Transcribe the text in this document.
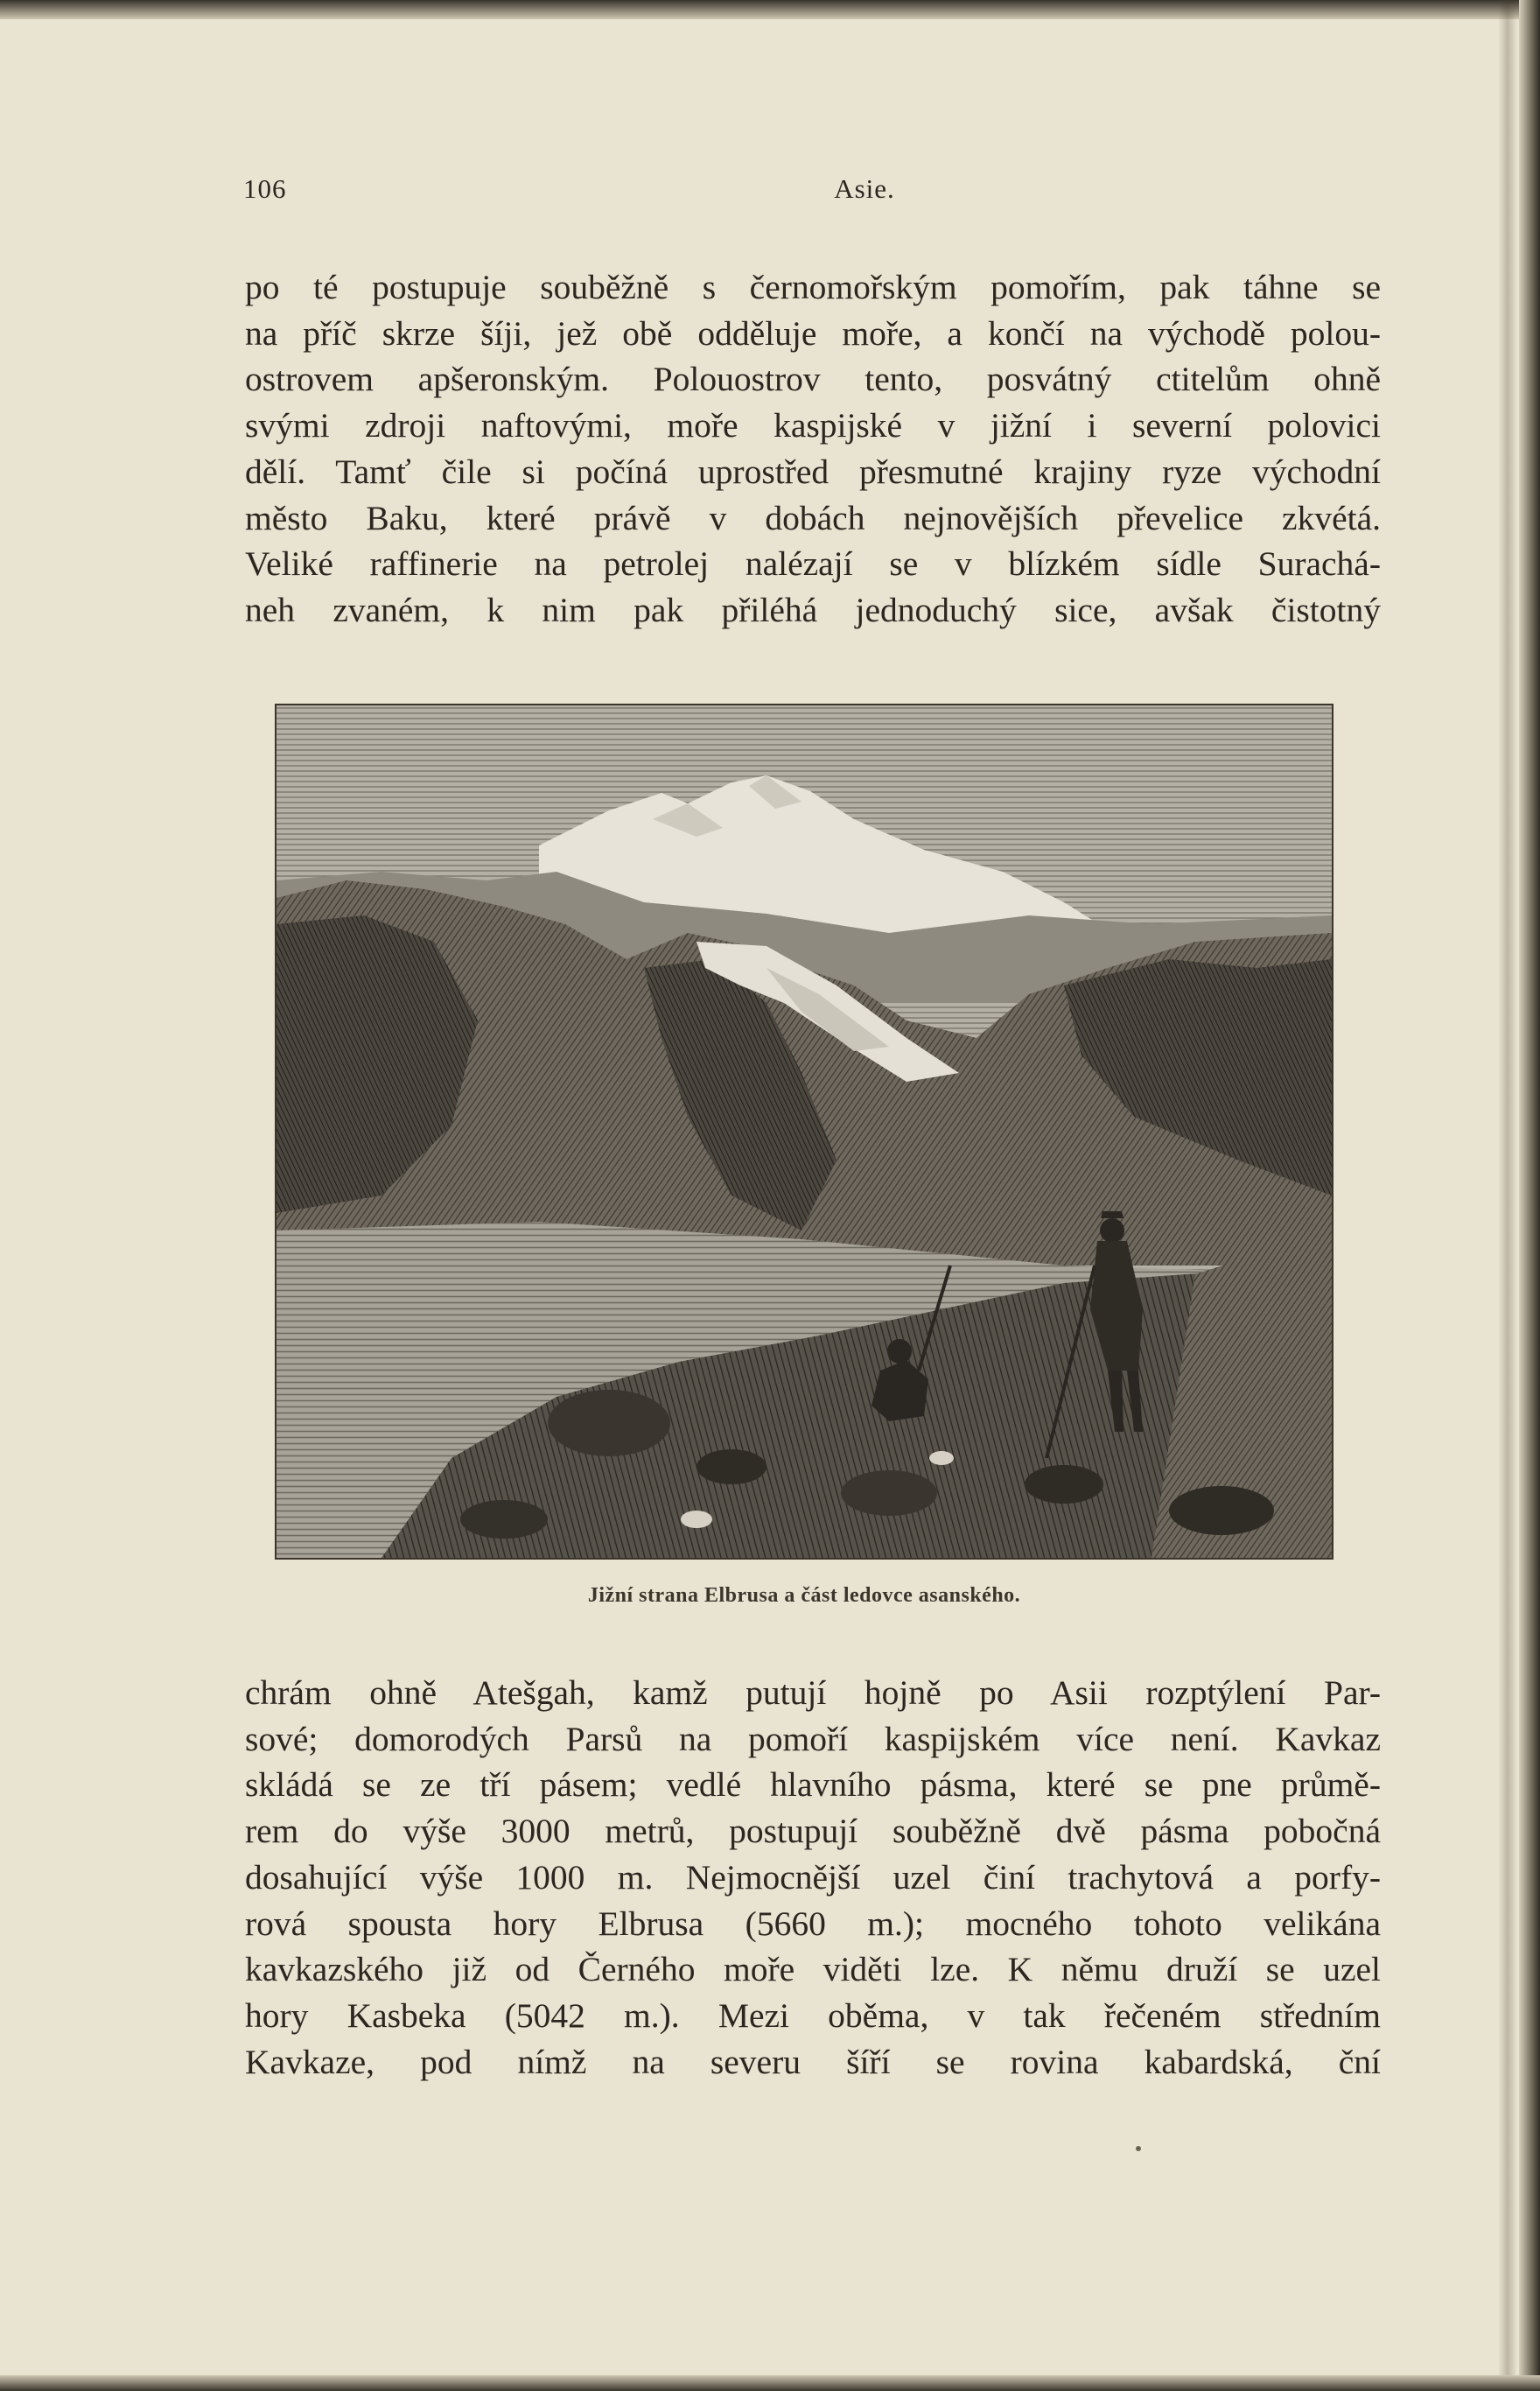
106	Asie.
po té postupuje souběžně s černomořským pomořím, pak táhne se
na příč skrze šíji, jež obě odděluje moře, a končí na východě polou-
ostrovem apšeronským. Polouostrov tento, posvátný ctitelům ohně
svými zdroji naftovými, moře kaspijské v jižní i severní polovici
dělí. Tamť čile si počíná uprostřed přesmutné krajiny ryze východní
město Baku, které právě v dobách nejnovějších převelice zkvétá.
Veliké raffinerie na petrolej nalézají se v blízkém sídle Surachá-
neh zvaném, k nim pak přiléhá jednoduchý sice, avšak čistotný
Jižní strana Elbrusa a část ledovce asanského.
chrám ohně Atešgah, kamž putují hojně po Asii rozptýlení Par-
sové; domorodých Parsů na pomoří kaspijském více není. Kavkaz
skládá se ze tří pásem; vedlé hlavního pásma, které se pne průmě-
rem do výše 3000 metrů, postupují souběžně dvě pásma pobočná
dosahující výše 1000 m. Nejmocnější uzel činí trachytová a porfy-
rová spousta hory Elbrusa (5660 m.); mocného tohoto velikána
kavkazského již od Černého moře viděti lze. K němu druží se uzel
hory Kasbeka (5042 m.). Mezi oběma, v tak řečeném středním
Kavkaze, pod nímž na severu šíří se rovina kabardská, ční
